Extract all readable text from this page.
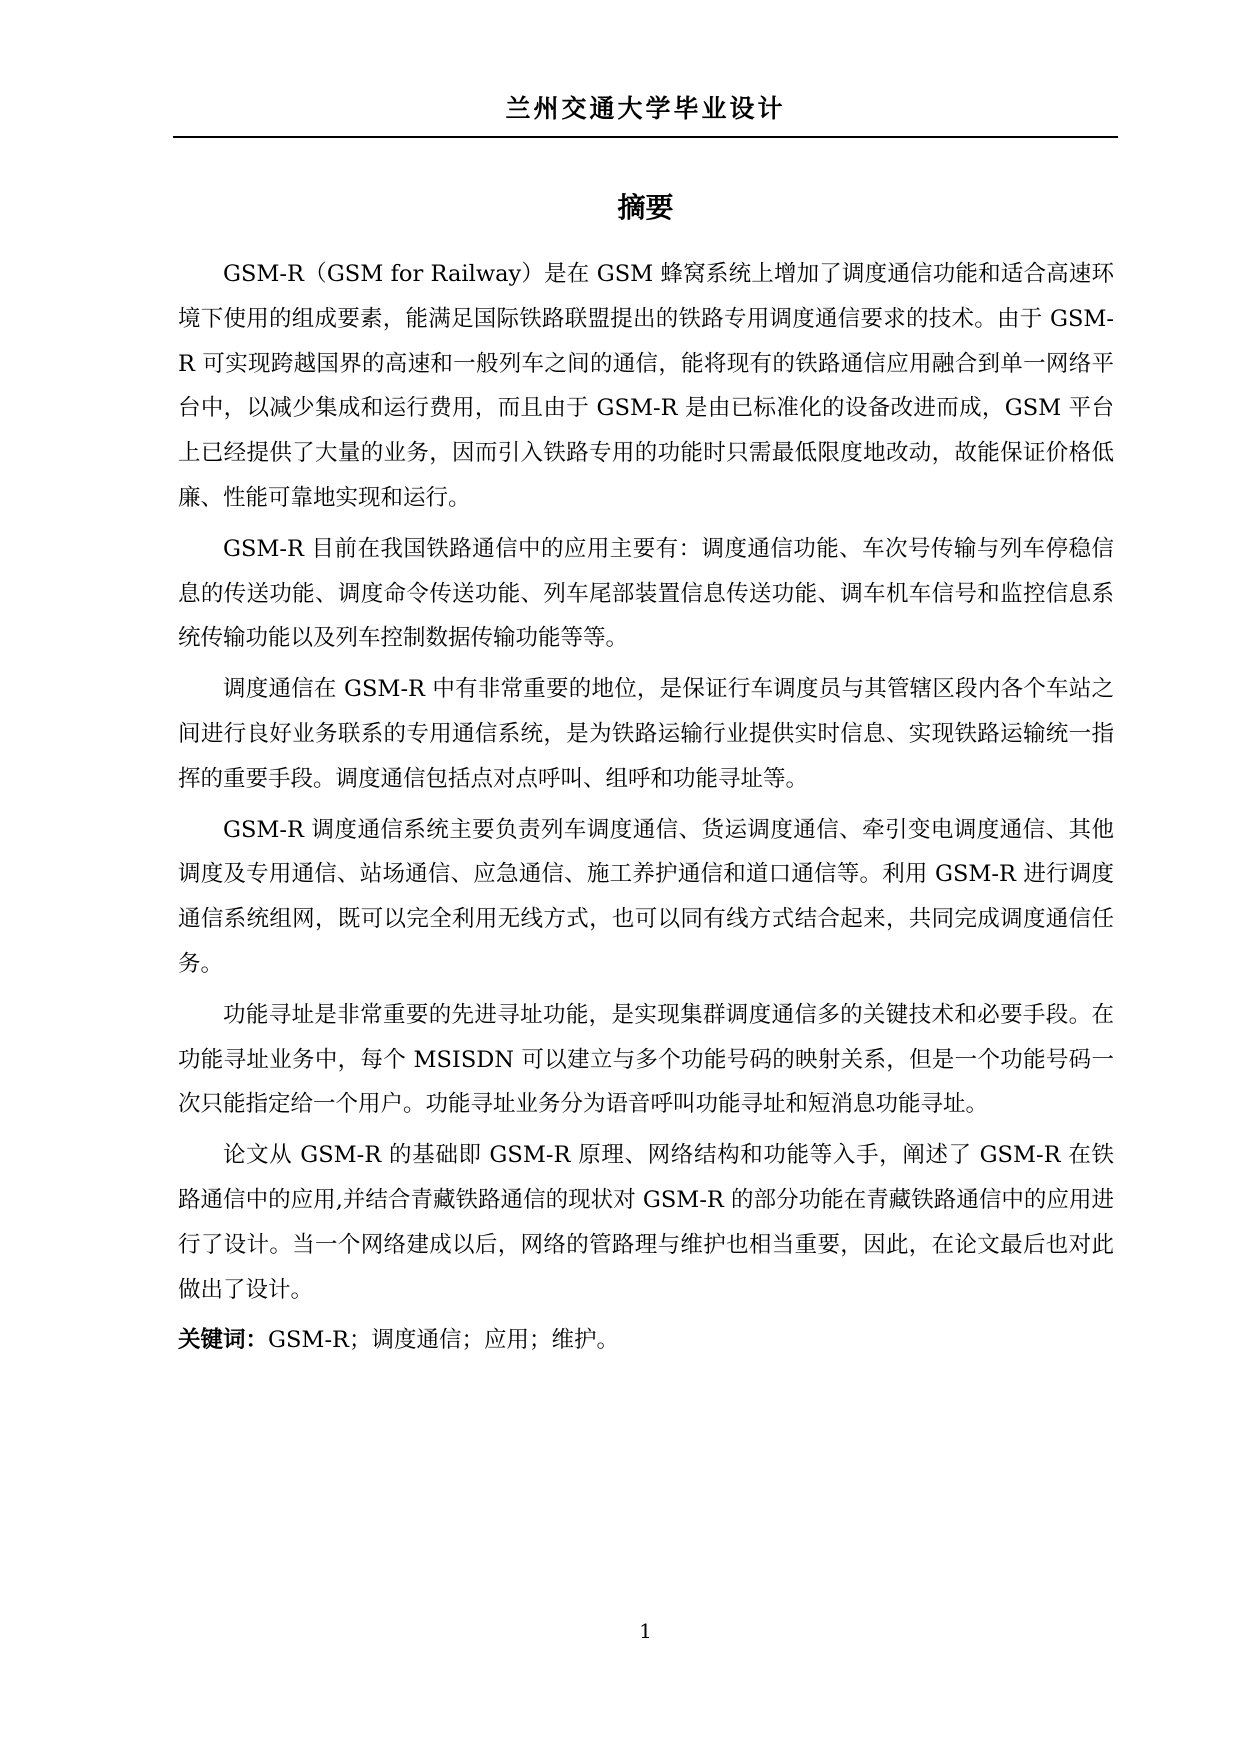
兰州交通大学毕业设计
摘要

GSM-R（GSM for Railway）是在 GSM 蜂窝系统上增加了调度通信功能和适合高速环境下使用的组成要素，能满足国际铁路联盟提出的铁路专用调度通信要求的技术。由于 GSM-R 可实现跨越国界的高速和一般列车之间的通信，能将现有的铁路通信应用融合到单一网络平台中，以减少集成和运行费用，而且由于 GSM-R 是由已标准化的设备改进而成，GSM 平台上已经提供了大量的业务，因而引入铁路专用的功能时只需最低限度地改动，故能保证价格低廉、性能可靠地实现和运行。

GSM-R 目前在我国铁路通信中的应用主要有：调度通信功能、车次号传输与列车停稳信息的传送功能、调度命令传送功能、列车尾部装置信息传送功能、调车机车信号和监控信息系统传输功能以及列车控制数据传输功能等等。

调度通信在 GSM-R 中有非常重要的地位，是保证行车调度员与其管辖区段内各个车站之间进行良好业务联系的专用通信系统，是为铁路运输行业提供实时信息、实现铁路运输统一指挥的重要手段。调度通信包括点对点呼叫、组呼和功能寻址等。

GSM-R 调度通信系统主要负责列车调度通信、货运调度通信、牵引变电调度通信、其他调度及专用通信、站场通信、应急通信、施工养护通信和道口通信等。利用 GSM-R 进行调度通信系统组网，既可以完全利用无线方式，也可以同有线方式结合起来，共同完成调度通信任务。

功能寻址是非常重要的先进寻址功能，是实现集群调度通信多的关键技术和必要手段。在功能寻址业务中，每个 MSISDN 可以建立与多个功能号码的映射关系，但是一个功能号码一次只能指定给一个用户。功能寻址业务分为语音呼叫功能寻址和短消息功能寻址。

论文从 GSM-R 的基础即 GSM-R 原理、网络结构和功能等入手，阐述了 GSM-R 在铁路通信中的应用,并结合青藏铁路通信的现状对 GSM-R 的部分功能在青藏铁路通信中的应用进行了设计。当一个网络建成以后，网络的管路理与维护也相当重要，因此，在论文最后也对此做出了设计。

关键词：GSM-R；调度通信；应用；维护。
1
